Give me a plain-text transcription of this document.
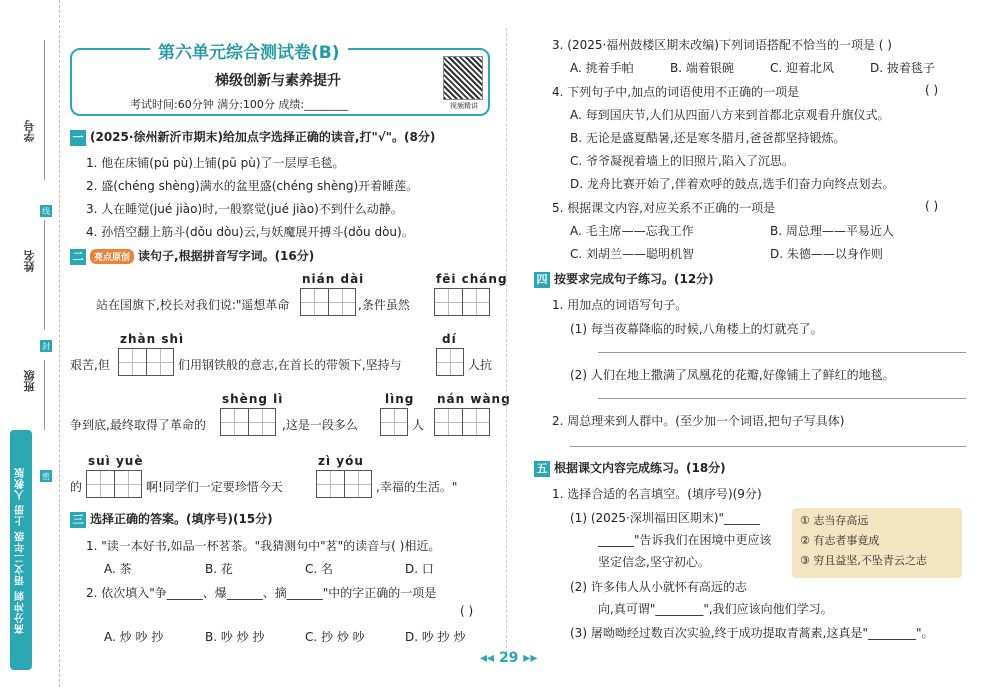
学号
姓名
班级
线
封
密
高分冲刺 语文二年级 上册 人教版
第六单元综合测试卷(B)
梯级创新与素养提升
考试时间:60分钟 满分:100分 成绩:________	视频精讲
一 (2025·徐州新沂市期末)给加点字选择正确的读音,打"√"。(8分)
1. 他在床铺(pū pù)上铺(pū pù)了一层厚毛毯。
2. 盛(chéng shèng)满水的盆里盛(chéng shèng)开着睡莲。
3. 人在睡觉(jué jiào)时,一般察觉(jué jiào)不到什么动静。
4. 孙悟空翻上筋斗(dǒu dòu)云,与妖魔展开搏斗(dǒu dòu)。
二 亮点原创 读句子,根据拼音写字词。(16分)
nián dài	fēi cháng
站在国旗下,校长对我们说:"遥想革命	,条件虽然
zhàn shì	dí
艰苦,但	们用钢铁般的意志,在首长的带领下,坚持与	人抗
shèng lì	lìng nán wàng
争到底,最终取得了革命的	,这是一段多么	人
suì yuè	zì yóu
的	啊!同学们一定要珍惜今天	,幸福的生活。"
三 选择正确的答案。(填序号)(15分)
1. "读一本好书,如品一杯茗茶。"我猜测句中"茗"的读音与( )相近。
A. 茶	B. 花	C. 名	D. 口
2. 依次填入"争______、爆______、摘______"中的字正确的一项是
( )
A. 炒 吵 抄	B. 吵 炒 抄	C. 抄 炒 吵	D. 吵 抄 炒
3. (2025·福州鼓楼区期末改编)下列词语搭配不恰当的一项是 ( )
A. 挑着手帕	B. 端着银碗	C. 迎着北风	D. 披着毯子
4. 下列句子中,加点的词语使用不正确的一项是	( )
A. 每到国庆节,人们从四面八方来到首都北京观看升旗仪式。
B. 无论是盛夏酷暑,还是寒冬腊月,爸爸都坚持锻炼。
C. 爷爷凝视着墙上的旧照片,陷入了沉思。
D. 龙舟比赛开始了,伴着欢呼的鼓点,选手们奋力向终点划去。
5. 根据课文内容,对应关系不正确的一项是	( )
A. 毛主席——忘我工作	B. 周总理——平易近人
C. 刘胡兰——聪明机智	D. 朱德——以身作则
四 按要求完成句子练习。(12分)
1. 用加点的词语写句子。
(1) 每当夜幕降临的时候,八角楼上的灯就亮了。
(2) 人们在地上撒满了凤凰花的花瓣,好像铺上了鲜红的地毯。
2. 周总理来到人群中。(至少加一个词语,把句子写具体)
五 根据课文内容完成练习。(18分)
1. 选择合适的名言填空。(填序号)(9分)
(1) (2025·深圳福田区期末)"______
______"告诉我们在困境中更应该
坚定信念,坚守初心。
(2) 许多伟人从小就怀有高远的志
向,真可谓"________",我们应该向他们学习。
(3) 屠呦呦经过数百次实验,终于成功提取青蒿素,这真是"________"。
① 志当存高远
② 有志者事竟成
③ 穷且益坚,不坠青云之志
◂◂ 29 ▸▸
